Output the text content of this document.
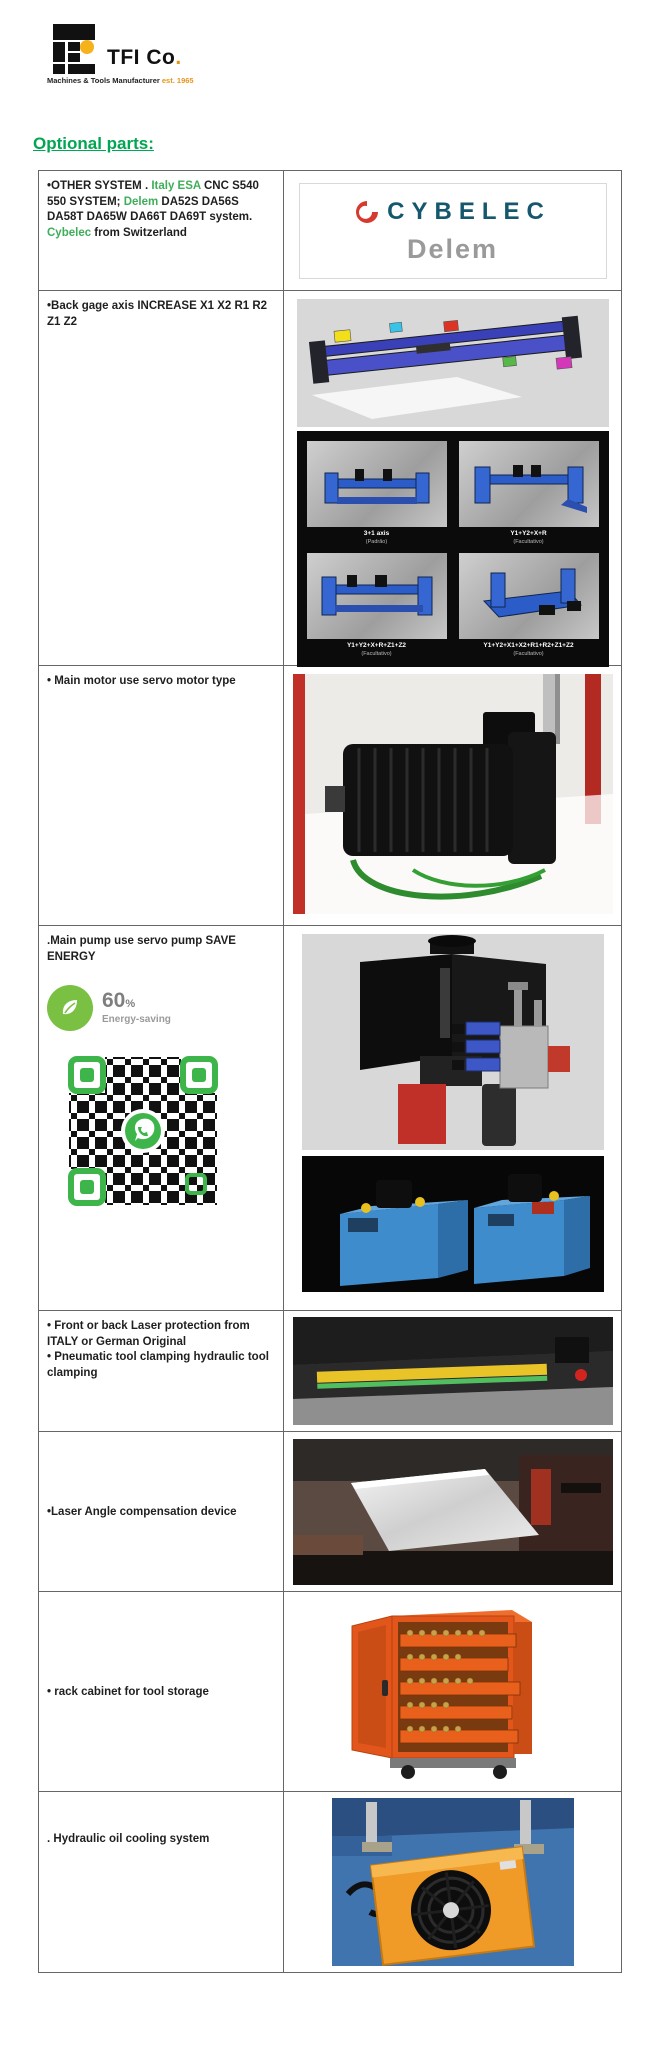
TFI Co.
Machines & Tools Manufacturer est. 1965
Optional parts:
•OTHER SYSTEM . Italy ESA CNC S540 550 SYSTEM; Delem DA52S DA56S DA58T DA65W DA66T DA69T system. Cybelec from Switzerland
CYBELEC
Delem
•Back gage axis INCREASE X1 X2 R1 R2 Z1 Z2
3+1 axis
(Padrão)
Y1+Y2+X+R
(Facultativo)
Y1+Y2+X+R+Z1+Z2
(Facultativo)
Y1+Y2+X1+X2+R1+R2+Z1+Z2
(Facultativo)
• Main motor use servo motor type
.Main pump use servo pump SAVE ENERGY
60%
Energy-saving
• Front or back Laser protection from ITALY or German Original
• Pneumatic tool clamping hydraulic tool clamping
•Laser Angle compensation device
• rack cabinet for tool storage
. Hydraulic oil cooling system
